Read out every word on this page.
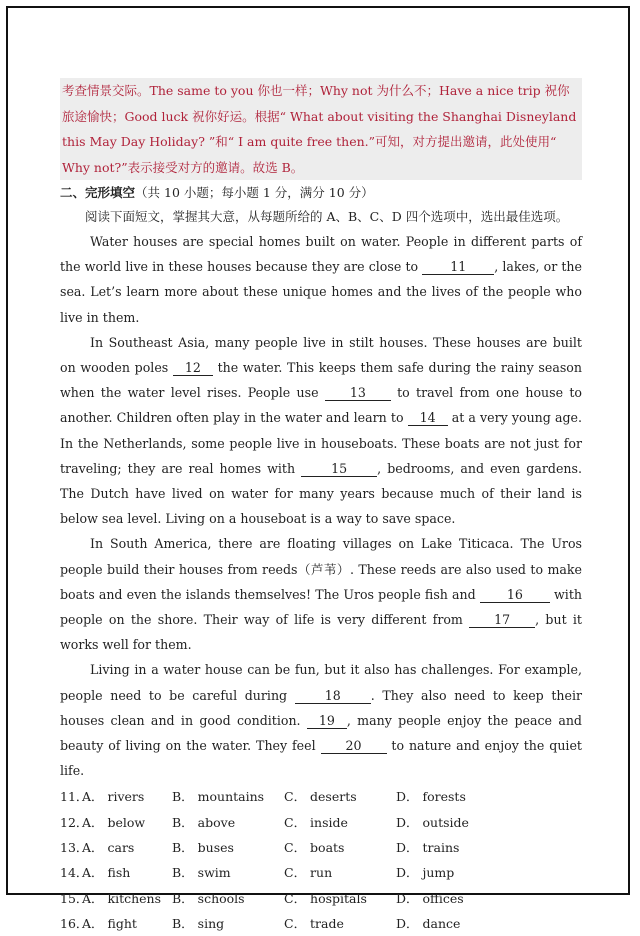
考查情景交际。The same to you 你也一样；Why not 为什么不；Have a nice trip 祝你旅途愉快；Good luck 祝你好运。根据“ What about visiting the Shanghai Disneyland this May Day Holiday? ”和“ I am quite free then.”可知，对方提出邀请，此处使用“ Why not?”表示接受对方的邀请。故选 B。
二、完形填空（共 10 小题；每小题 1 分，满分 10 分）
阅读下面短文，掌握其大意，从每题所给的 A、B、C、D 四个选项中，选出最佳选项。

Water houses are special homes built on water. People in different parts of the world live in these houses because they are close to 11 , lakes, or the sea. Let’s learn more about these unique homes and the lives of the people who live in them.

In Southeast Asia, many people live in stilt houses. These houses are built on wooden poles 12 the water. This keeps them safe during the rainy season when the water level rises. People use 13 to travel from one house to another. Children often play in the water and learn to 14 at a very young age. In the Netherlands, some people live in houseboats. These boats are not just for traveling; they are real homes with 15 , bedrooms, and even gardens. The Dutch have lived on water for many years because much of their land is below sea level. Living on a houseboat is a way to save space.

In South America, there are floating villages on Lake Titicaca. The Uros people build their houses from reeds（芦苇）. These reeds are also used to make boats and even the islands themselves! The Uros people fish and 16 with people on the shore. Their way of life is very different from 17 , but it works well for them.

Living in a water house can be fun, but it also has challenges. For example, people need to be careful during 18 . They also need to keep their houses clean and in good condition. 19 , many people enjoy the peace and beauty of living on the water. They feel 20 to nature and enjoy the quiet life.

11．
A． rivers	B． mountains	C． deserts	D． forests
12．
A． below	B． above	C． inside	D． outside
13．
A． cars	B． buses	C． boats	D． trains
14．
A． fish	B． swim	C． run	D． jump
15．
A． kitchens B． schools	C． hospitals	D． offices
16．
A． fight	B． sing	C． trade	D． dance
